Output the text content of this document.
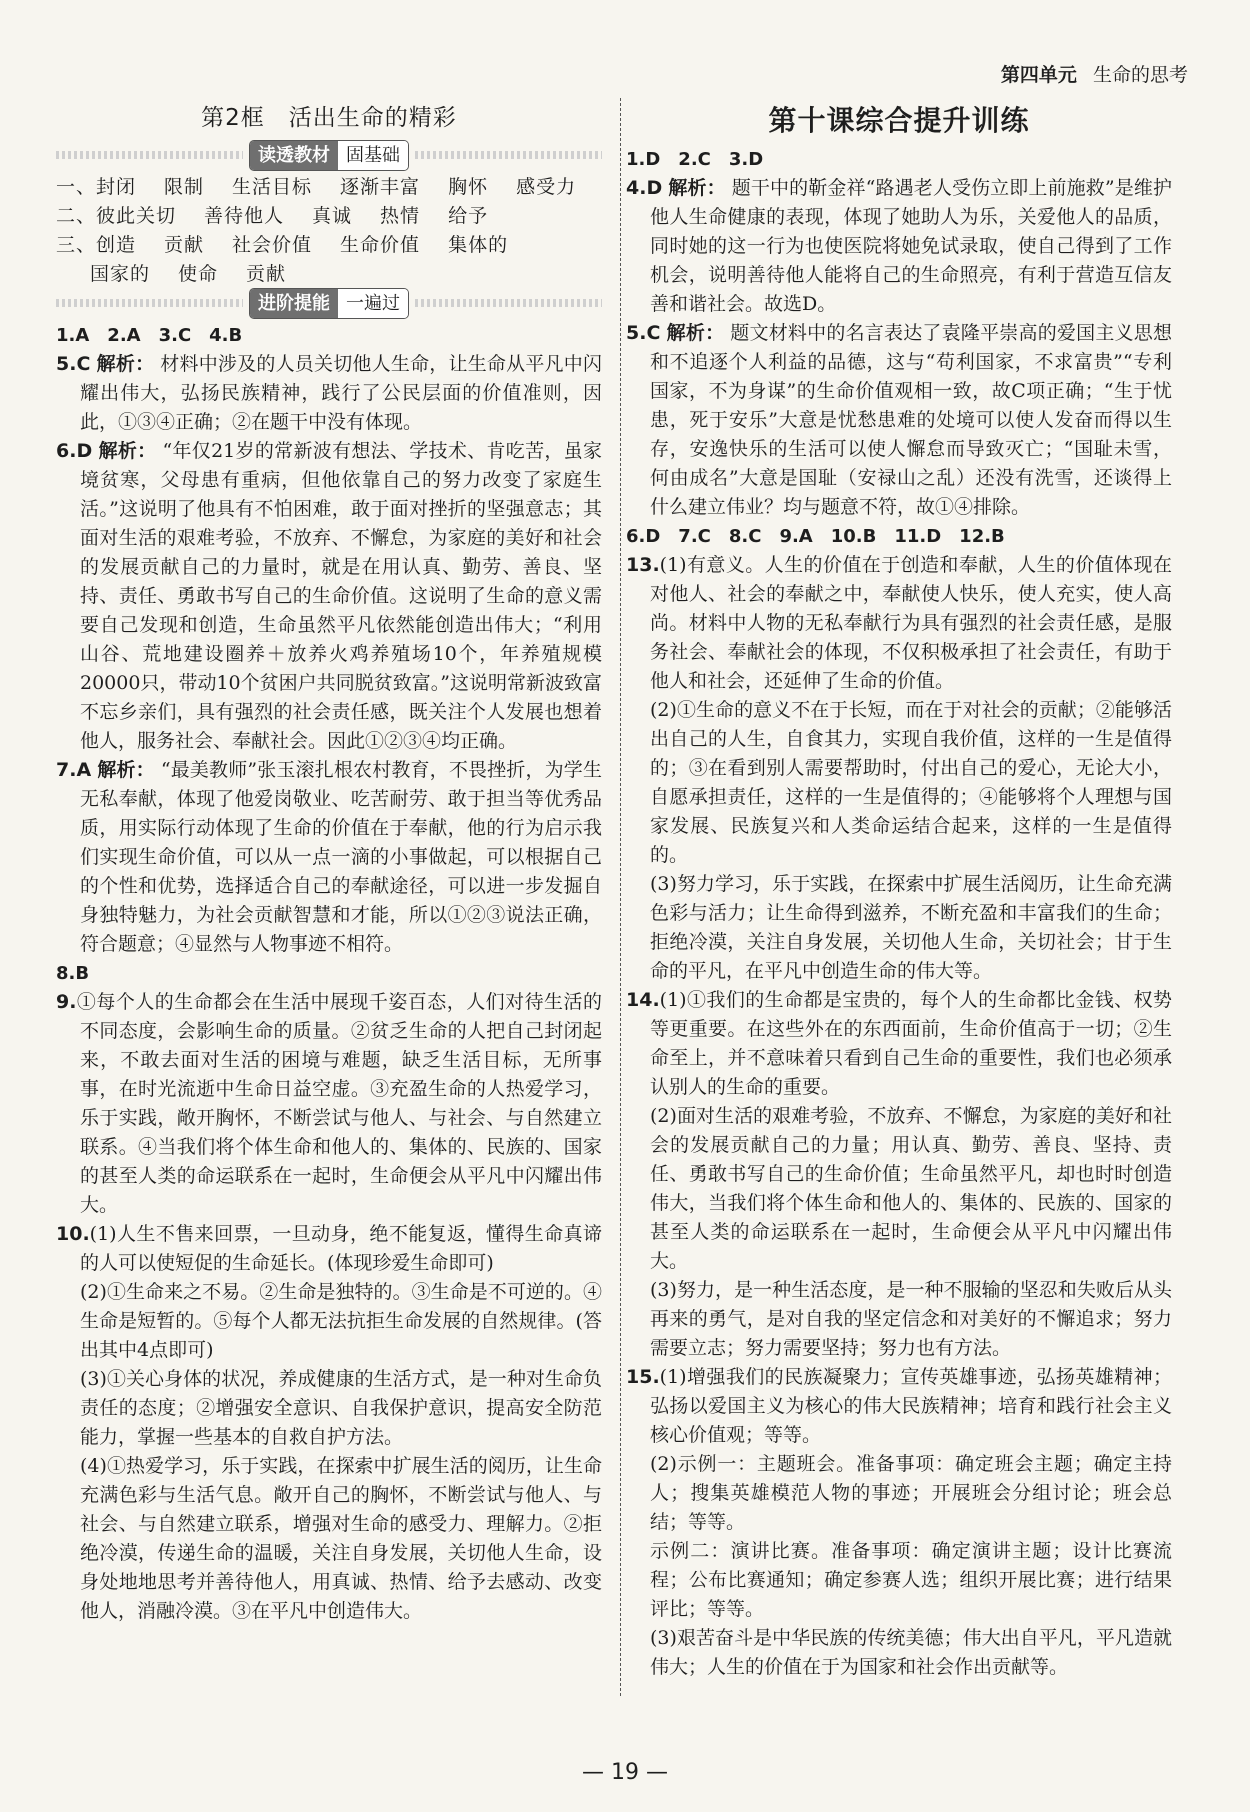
第四单元 生命的思考
第2框　活出生命的精彩
读透教材 固基础
一、封闭 限制 生活目标 逐渐丰富 胸怀 感受力
二、彼此关切 善待他人 真诚 热情 给予
三、创造 贡献 社会价值 生命价值 集体的
国家的 使命 贡献
进阶提能 一遍过
1.A　2.A　3.C　4.B
5.C 解析： 材料中涉及的人员关切他人生命，让生命从平凡中闪耀出伟大，弘扬民族精神，践行了公民层面的价值准则，因此，①③④正确；②在题干中没有体现。
6.D 解析： “年仅21岁的常新波有想法、学技术、肯吃苦，虽家境贫寒，父母患有重病，但他依靠自己的努力改变了家庭生活。”这说明了他具有不怕困难，敢于面对挫折的坚强意志；其面对生活的艰难考验，不放弃、不懈怠，为家庭的美好和社会的发展贡献自己的力量时，就是在用认真、勤劳、善良、坚持、责任、勇敢书写自己的生命价值。这说明了生命的意义需要自己发现和创造，生命虽然平凡依然能创造出伟大；“利用山谷、荒地建设圈养＋放养火鸡养殖场10个，年养殖规模20000只，带动10个贫困户共同脱贫致富。”这说明常新波致富不忘乡亲们，具有强烈的社会责任感，既关注个人发展也想着他人，服务社会、奉献社会。因此①②③④均正确。
7.A 解析： “最美教师”张玉滚扎根农村教育，不畏挫折，为学生无私奉献，体现了他爱岗敬业、吃苦耐劳、敢于担当等优秀品质，用实际行动体现了生命的价值在于奉献，他的行为启示我们实现生命价值，可以从一点一滴的小事做起，可以根据自己的个性和优势，选择适合自己的奉献途径，可以进一步发掘自身独特魅力，为社会贡献智慧和才能，所以①②③说法正确，符合题意；④显然与人物事迹不相符。
8.B
9.①每个人的生命都会在生活中展现千姿百态，人们对待生活的不同态度，会影响生命的质量。②贫乏生命的人把自己封闭起来，不敢去面对生活的困境与难题，缺乏生活目标，无所事事，在时光流逝中生命日益空虚。③充盈生命的人热爱学习，乐于实践，敞开胸怀，不断尝试与他人、与社会、与自然建立联系。④当我们将个体生命和他人的、集体的、民族的、国家的甚至人类的命运联系在一起时，生命便会从平凡中闪耀出伟大。
10.(1)人生不售来回票，一旦动身，绝不能复返，懂得生命真谛的人可以使短促的生命延长。(体现珍爱生命即可)
(2)①生命来之不易。②生命是独特的。③生命是不可逆的。④生命是短暂的。⑤每个人都无法抗拒生命发展的自然规律。(答出其中4点即可)
(3)①关心身体的状况，养成健康的生活方式，是一种对生命负责任的态度；②增强安全意识、自我保护意识，提高安全防范能力，掌握一些基本的自救自护方法。
(4)①热爱学习，乐于实践，在探索中扩展生活的阅历，让生命充满色彩与生活气息。敞开自己的胸怀，不断尝试与他人、与社会、与自然建立联系，增强对生命的感受力、理解力。②拒绝冷漠，传递生命的温暖，关注自身发展，关切他人生命，设身处地地思考并善待他人，用真诚、热情、给予去感动、改变他人，消融冷漠。③在平凡中创造伟大。
第十课综合提升训练
1.D　2.C　3.D
4.D 解析： 题干中的靳金祥“路遇老人受伤立即上前施救”是维护他人生命健康的表现，体现了她助人为乐，关爱他人的品质，同时她的这一行为也使医院将她免试录取，使自己得到了工作机会，说明善待他人能将自己的生命照亮，有利于营造互信友善和谐社会。故选D。
5.C 解析： 题文材料中的名言表达了袁隆平崇高的爱国主义思想和不追逐个人利益的品德，这与“苟利国家，不求富贵”“专利国家，不为身谋”的生命价值观相一致，故C项正确；“生于忧患，死于安乐”大意是忧愁患难的处境可以使人发奋而得以生存，安逸快乐的生活可以使人懈怠而导致灭亡；“国耻未雪，何由成名”大意是国耻（安禄山之乱）还没有洗雪，还谈得上什么建立伟业？均与题意不符，故①④排除。
6.D　7.C　8.C　9.A　10.B　11.D　12.B
13.(1)有意义。人生的价值在于创造和奉献，人生的价值体现在对他人、社会的奉献之中，奉献使人快乐，使人充实，使人高尚。材料中人物的无私奉献行为具有强烈的社会责任感，是服务社会、奉献社会的体现，不仅积极承担了社会责任，有助于他人和社会，还延伸了生命的价值。
(2)①生命的意义不在于长短，而在于对社会的贡献；②能够活出自己的人生，自食其力，实现自我价值，这样的一生是值得的；③在看到别人需要帮助时，付出自己的爱心，无论大小，自愿承担责任，这样的一生是值得的；④能够将个人理想与国家发展、民族复兴和人类命运结合起来，这样的一生是值得的。
(3)努力学习，乐于实践，在探索中扩展生活阅历，让生命充满色彩与活力；让生命得到滋养，不断充盈和丰富我们的生命；拒绝冷漠，关注自身发展，关切他人生命，关切社会；甘于生命的平凡，在平凡中创造生命的伟大等。
14.(1)①我们的生命都是宝贵的，每个人的生命都比金钱、权势等更重要。在这些外在的东西面前，生命价值高于一切；②生命至上，并不意味着只看到自己生命的重要性，我们也必须承认别人的生命的重要。
(2)面对生活的艰难考验，不放弃、不懈怠，为家庭的美好和社会的发展贡献自己的力量；用认真、勤劳、善良、坚持、责任、勇敢书写自己的生命价值；生命虽然平凡，却也时时创造伟大，当我们将个体生命和他人的、集体的、民族的、国家的甚至人类的命运联系在一起时，生命便会从平凡中闪耀出伟大。
(3)努力，是一种生活态度，是一种不服输的坚忍和失败后从头再来的勇气，是对自我的坚定信念和对美好的不懈追求；努力需要立志；努力需要坚持；努力也有方法。
15.(1)增强我们的民族凝聚力；宣传英雄事迹，弘扬英雄精神；弘扬以爱国主义为核心的伟大民族精神；培育和践行社会主义核心价值观；等等。
(2)示例一：主题班会。准备事项：确定班会主题；确定主持人；搜集英雄模范人物的事迹；开展班会分组讨论；班会总结；等等。
示例二：演讲比赛。准备事项：确定演讲主题；设计比赛流程；公布比赛通知；确定参赛人选；组织开展比赛；进行结果评比；等等。
(3)艰苦奋斗是中华民族的传统美德；伟大出自平凡，平凡造就伟大；人生的价值在于为国家和社会作出贡献等。
— 19 —
